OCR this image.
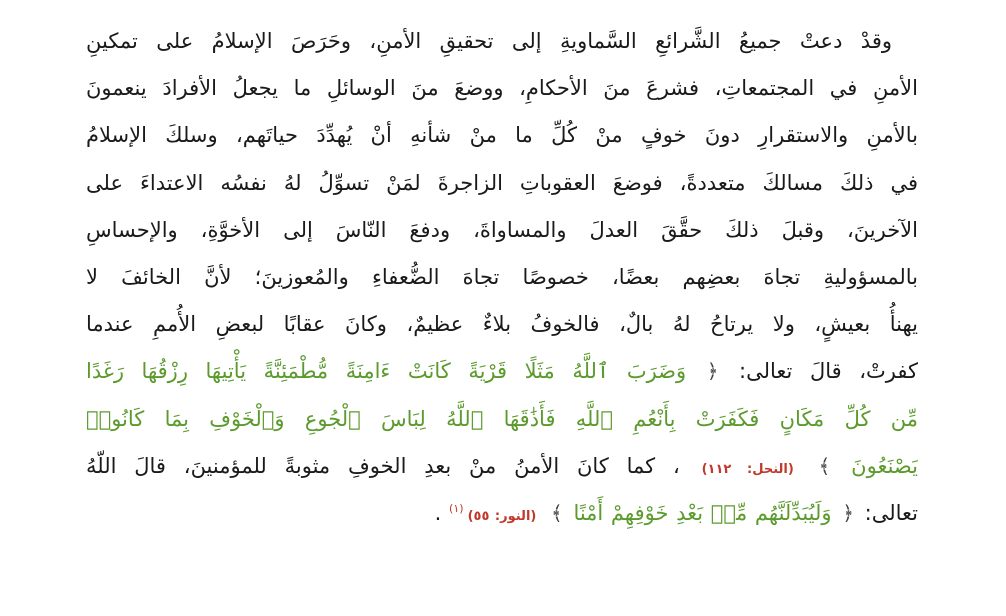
وقدْ دعتْ جميعُ الشَّرائعِ السَّماويةِ إلى تحقيقِ الأمنِ، وحَرَصَ الإسلامُ على تمكينِ
الأمنِ في المجتمعاتِ، فشرعَ منَ الأحكامِ، ووضعَ منَ الوسائلِ ما يجعلُ الأفرادَ ينعمونَ
بالأمنِ والاستقرارِ دونَ خوفٍ منْ كُلِّ ما منْ شأنهِ أنْ يُهدِّدَ حياتَهم، وسلكَ الإسلامُ
في ذلكَ مسالكَ متعددةً، فوضعَ العقوباتِ الزاجرةَ لمَنْ تسوِّلُ لهُ نفسُه الاعتداءَ على
الآخرينَ، وقبلَ ذلكَ حقَّقَ العدلَ والمساواةَ، ودفعَ النّاسَ إلى الأخوَّةِ، والإحساسِ
بالمسؤوليةِ تجاهَ بعضِهم بعضًا، خصوصًا تجاهَ الضُّعفاءِ والمُعوزينَ؛ لأنَّ الخائفَ لا
يهنأُ بعيشٍ، ولا يرتاحُ لهُ بالٌ، فالخوفُ بلاءٌ عظيمٌ، وكانَ عقابًا لبعضِ الأُممِ عندما
كفرتْ، قالَ تعالى: ﴿ وَضَرَبَ ٱللَّهُ مَثَلًا قَرْيَةً كَانَتْ ءَامِنَةً مُّطْمَئِنَّةً يَأْتِيهَا رِزْقُهَا رَغَدًا
مِّن كُلِّ مَكَانٍ فَكَفَرَتْ بِأَنْعُمِ ٱللَّهِ فَأَذَٰقَهَا ٱللَّهُ لِبَاسَ ٱلْجُوعِ وَٱلْخَوْفِ بِمَا كَانُوا۟
يَصْنَعُونَ ﴾ (النحل: ١١٢) ، كما كانَ الأمنُ منْ بعدِ الخوفِ مثوبةً للمؤمنينَ، قالَ اللّهُ
تعالى: ﴿ وَلَيُبَدِّلَنَّهُم مِّنۢ بَعْدِ خَوْفِهِمْ أَمْنًا ﴾ (النور: ٥٥)$^{(١)}$ .
